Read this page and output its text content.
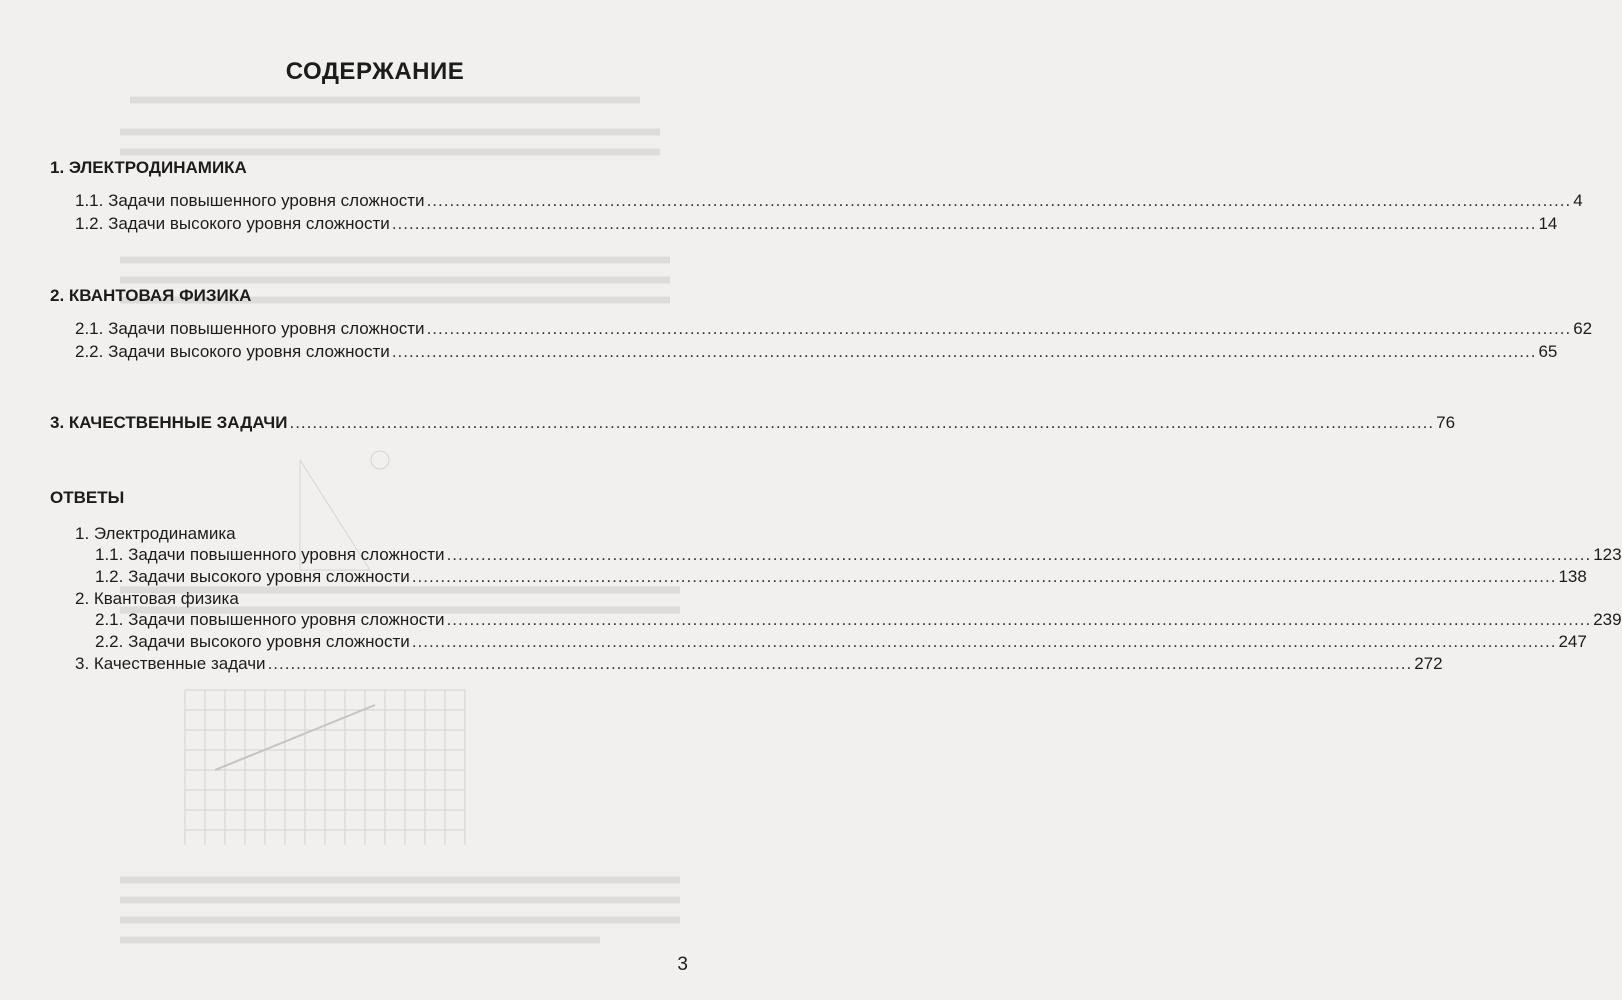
СОДЕРЖАНИЕ
1. ЭЛЕКТРОДИНАМИКА
1.1. Задачи повышенного уровня сложности ........................................................................................................................................................................................................ 4
1.2. Задачи высокого уровня сложности ........................................................................................................................................................................................................ 14
2. КВАНТОВАЯ ФИЗИКА
2.1. Задачи повышенного уровня сложности ........................................................................................................................................................................................................ 62
2.2. Задачи высокого уровня сложности ........................................................................................................................................................................................................ 65
3. КАЧЕСТВЕННЫЕ ЗАДАЧИ ........................................................................................................................................................................................................ 76
ОТВЕТЫ
1. Электродинамика
1.1. Задачи повышенного уровня сложности ........................................................................................................................................................................................................ 123
1.2. Задачи высокого уровня сложности ........................................................................................................................................................................................................ 138
2. Квантовая физика
2.1. Задачи повышенного уровня сложности ........................................................................................................................................................................................................ 239
2.2. Задачи высокого уровня сложности ........................................................................................................................................................................................................ 247
3. Качественные задачи ........................................................................................................................................................................................................ 272
3
